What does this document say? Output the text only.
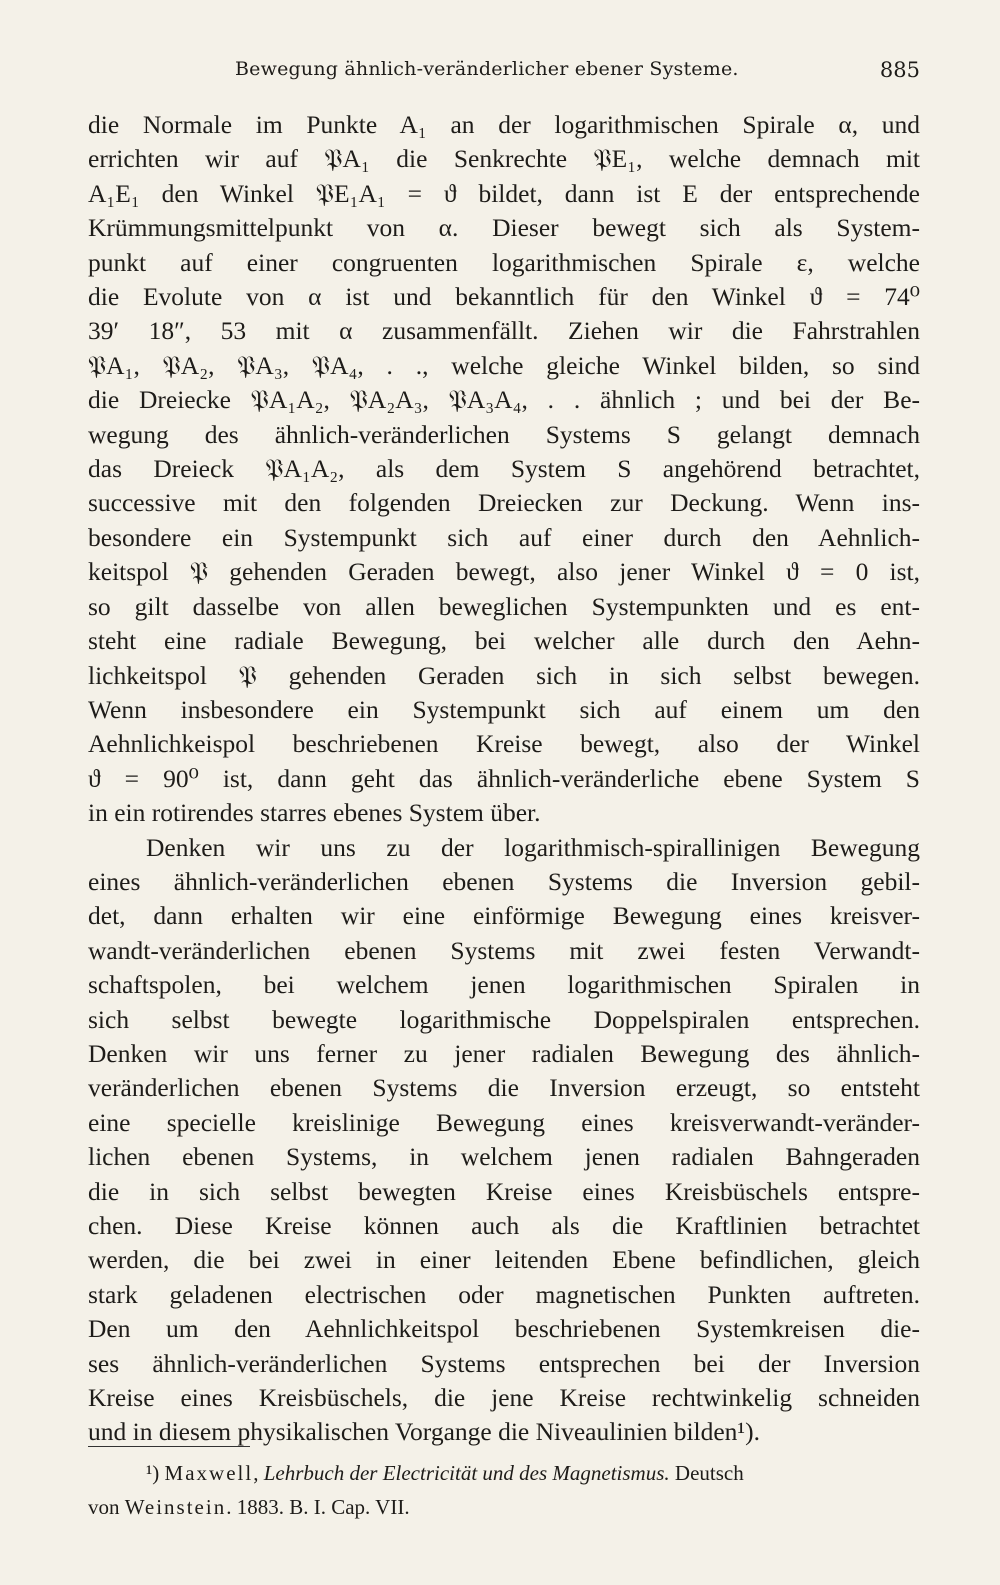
Bewegung ähnlich-veränderlicher ebener Systeme.	885
die Normale im Punkte A₁ an der logarithmischen Spirale α, und
errichten wir auf 𝔓A₁ die Senkrechte 𝔓E₁, welche demnach mit
A₁E₁ den Winkel 𝔓E₁A₁ = ϑ bildet, dann ist E der entsprechende
Krümmungsmittelpunkt von α. Dieser bewegt sich als System-
punkt auf einer congruenten logarithmischen Spirale ε, welche
die Evolute von α ist und bekanntlich für den Winkel ϑ = 74⁰
39′ 18″, 53 mit α zusammenfällt. Ziehen wir die Fahrstrahlen
𝔓A₁, 𝔓A₂, 𝔓A₃, 𝔓A₄, . ., welche gleiche Winkel bilden, so sind
die Dreiecke 𝔓A₁A₂, 𝔓A₂A₃, 𝔓A₃A₄, . . ähnlich ; und bei der Be-
wegung des ähnlich-veränderlichen Systems S gelangt demnach
das Dreieck 𝔓A₁A₂, als dem System S angehörend betrachtet,
successive mit den folgenden Dreiecken zur Deckung. Wenn ins-
besondere ein Systempunkt sich auf einer durch den Aehnlich-
keitspol 𝔓 gehenden Geraden bewegt, also jener Winkel ϑ = 0 ist,
so gilt dasselbe von allen beweglichen Systempunkten und es ent-
steht eine radiale Bewegung, bei welcher alle durch den Aehn-
lichkeitspol 𝔓 gehenden Geraden sich in sich selbst bewegen.
Wenn insbesondere ein Systempunkt sich auf einem um den
Aehnlichkeispol beschriebenen Kreise bewegt, also der Winkel
ϑ = 90⁰ ist, dann geht das ähnlich-veränderliche ebene System S
in ein rotirendes starres ebenes System über.
Denken wir uns zu der logarithmisch-spirallinigen Bewegung
eines ähnlich-veränderlichen ebenen Systems die Inversion gebil-
det, dann erhalten wir eine einförmige Bewegung eines kreisver-
wandt-veränderlichen ebenen Systems mit zwei festen Verwandt-
schaftspolen, bei welchem jenen logarithmischen Spiralen in
sich selbst bewegte logarithmische Doppelspiralen entsprechen.
Denken wir uns ferner zu jener radialen Bewegung des ähnlich-
veränderlichen ebenen Systems die Inversion erzeugt, so entsteht
eine specielle kreislinige Bewegung eines kreisverwandt-veränder-
lichen ebenen Systems, in welchem jenen radialen Bahngeraden
die in sich selbst bewegten Kreise eines Kreisbüschels entspre-
chen. Diese Kreise können auch als die Kraftlinien betrachtet
werden, die bei zwei in einer leitenden Ebene befindlichen, gleich
stark geladenen electrischen oder magnetischen Punkten auftreten.
Den um den Aehnlichkeitspol beschriebenen Systemkreisen die-
ses ähnlich-veränderlichen Systems entsprechen bei der Inversion
Kreise eines Kreisbüschels, die jene Kreise rechtwinkelig schneiden
und in diesem physikalischen Vorgange die Niveaulinien bilden¹).
¹) Maxwell, Lehrbuch der Electricität und des Magnetismus. Deutsch
von Weinstein. 1883. B. I. Cap. VII.
